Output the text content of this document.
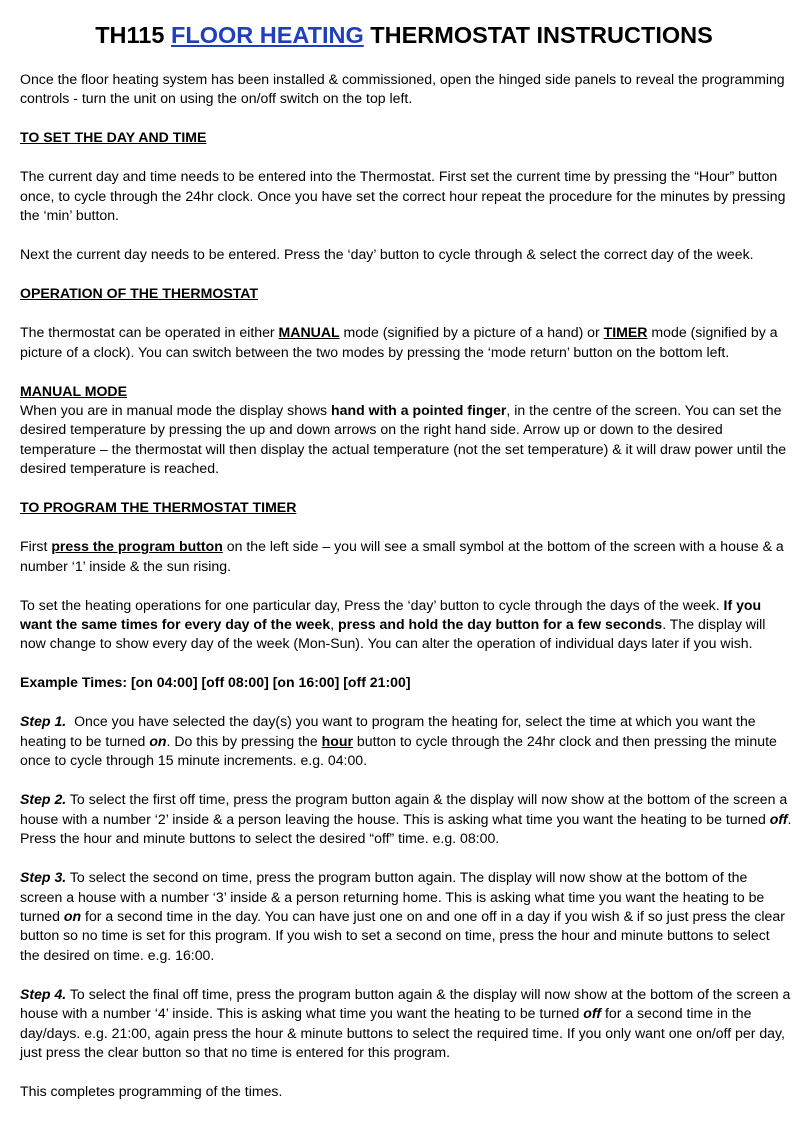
TH115 FLOOR HEATING THERMOSTAT INSTRUCTIONS

Once the floor heating system has been installed & commissioned, open the hinged side panels to reveal the programming controls - turn the unit on using the on/off switch on the top left.

TO SET THE DAY AND TIME

The current day and time needs to be entered into the Thermostat. First set the current time by pressing the “Hour” button once, to cycle through the 24hr clock. Once you have set the correct hour repeat the procedure for the minutes by pressing the ‘min’ button.

Next the current day needs to be entered. Press the ‘day’ button to cycle through & select the correct day of the week.

OPERATION OF THE THERMOSTAT

The thermostat can be operated in either MANUAL mode (signified by a picture of a hand) or TIMER mode (signified by a picture of a clock). You can switch between the two modes by pressing the ‘mode return’ button on the bottom left.

MANUAL MODE

When you are in manual mode the display shows hand with a pointed finger, in the centre of the screen. You can set the desired temperature by pressing the up and down arrows on the right hand side. Arrow up or down to the desired temperature – the thermostat will then display the actual temperature (not the set temperature) & it will draw power until the desired temperature is reached.

TO PROGRAM THE THERMOSTAT TIMER

First press the program button on the left side – you will see a small symbol at the bottom of the screen with a house & a number ‘1’ inside & the sun rising.

To set the heating operations for one particular day, Press the ‘day’ button to cycle through the days of the week. If you want the same times for every day of the week, press and hold the day button for a few seconds. The display will now change to show every day of the week (Mon-Sun). You can alter the operation of individual days later if you wish.

Example Times: [on 04:00] [off 08:00] [on 16:00] [off 21:00]

Step 1. Once you have selected the day(s) you want to program the heating for, select the time at which you want the heating to be turned on. Do this by pressing the hour button to cycle through the 24hr clock and then pressing the minute once to cycle through 15 minute increments. e.g. 04:00.

Step 2. To select the first off time, press the program button again & the display will now show at the bottom of the screen a house with a number ‘2’ inside & a person leaving the house. This is asking what time you want the heating to be turned off. Press the hour and minute buttons to select the desired “off” time. e.g. 08:00.

Step 3. To select the second on time, press the program button again. The display will now show at the bottom of the screen a house with a number ‘3’ inside & a person returning home. This is asking what time you want the heating to be turned on for a second time in the day. You can have just one on and one off in a day if you wish & if so just press the clear button so no time is set for this program. If you wish to set a second on time, press the hour and minute buttons to select the desired on time. e.g. 16:00.

Step 4. To select the final off time, press the program button again & the display will now show at the bottom of the screen a house with a number ‘4’ inside. This is asking what time you want the heating to be turned off for a second time in the day/days. e.g. 21:00, again press the hour & minute buttons to select the required time. If you only want one on/off per day, just press the clear button so that no time is entered for this program.

This completes programming of the times.
